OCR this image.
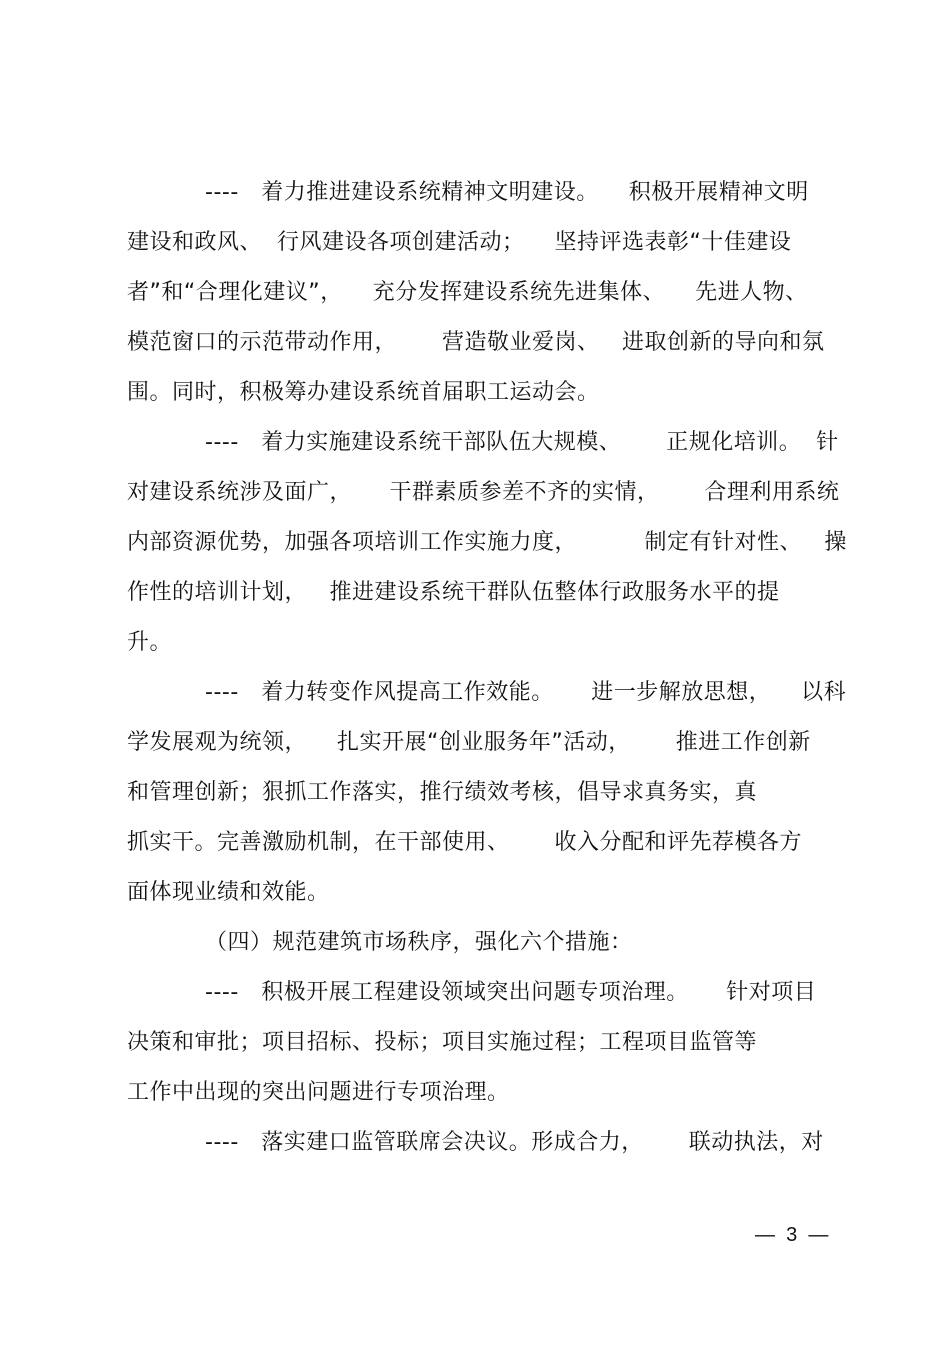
----   着力推进建设系统精神文明建设。    积极开展精神文明
建设和政风、  行风建设各项创建活动；    坚持评选表彰“十佳建设
者”和“合理化建议”，    充分发挥建设系统先进集体、    先进人物、
模范窗口的示范带动作用，      营造敬业爱岗、   进取创新的导向和氛
围。同时，积极筹办建设系统首届职工运动会。
----   着力实施建设系统干部队伍大规模、      正规化培训。  针
对建设系统涉及面广，     干群素质参差不齐的实情，      合理利用系统
内部资源优势，加强各项培训工作实施力度，         制定有针对性、   操
作性的培训计划，   推进建设系统干群队伍整体行政服务水平的提
升。
----   着力转变作风提高工作效能。     进一步解放思想，    以科
学发展观为统领，    扎实开展“创业服务年”活动，      推进工作创新
和管理创新；狠抓工作落实，推行绩效考核，倡导求真务实，真
抓实干。完善激励机制，在干部使用、      收入分配和评先荐模各方
面体现业绩和效能。
（四）规范建筑市场秩序，强化六个措施：
----   积极开展工程建设领域突出问题专项治理。     针对项目
决策和审批；项目招标、投标；项目实施过程；工程项目监管等
工作中出现的突出问题进行专项治理。
----   落实建口监管联席会决议。形成合力，      联动执法，对
—  3  —
